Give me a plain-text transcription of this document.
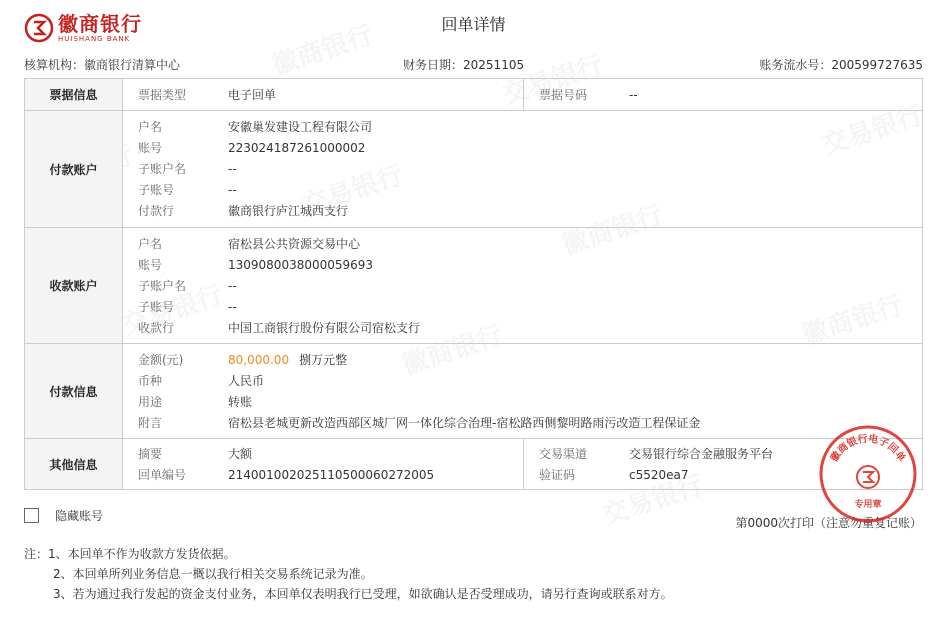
徽商银行
HUISHANG BANK
回单详情
核算机构：徽商银行清算中心	财务日期：20251105	账务流水号：200599727635
票据信息	票据类型	电子回单	票据号码	--
付款账户
户名	安徽巢发建设工程有限公司
账号	223024187261000002
子账户名	--
子账号	--
付款行	徽商银行庐江城西支行
收款账户
户名	宿松县公共资源交易中心
账号	1309080038000059693
子账户名	--
子账号	--
收款行	中国工商银行股份有限公司宿松支行
付款信息
金额(元)	80,000.00 捌万元整
币种	人民币
用途	转账
附言	宿松县老城更新改造西部区城厂网一体化综合治理-宿松路西侧黎明路雨污改造工程保证金
其他信息
摘要	大额
回单编号	21400100202511050006027200​5
交易渠道	交易银行综合金融服务平台
验证码	c5520ea7
隐藏账号	第0000次打印（注意勿重复记账）
注：1、本回单不作为收款方发货依据。
2、本回单所列业务信息一概以我行相关交易系统记录为准。
3、若为通过我行发起的资金支付业务，本回单仅表明我行已受理，如欲确认是否受理成功，请另行查询或联系对方。
徽商银行电子回单
专用章
